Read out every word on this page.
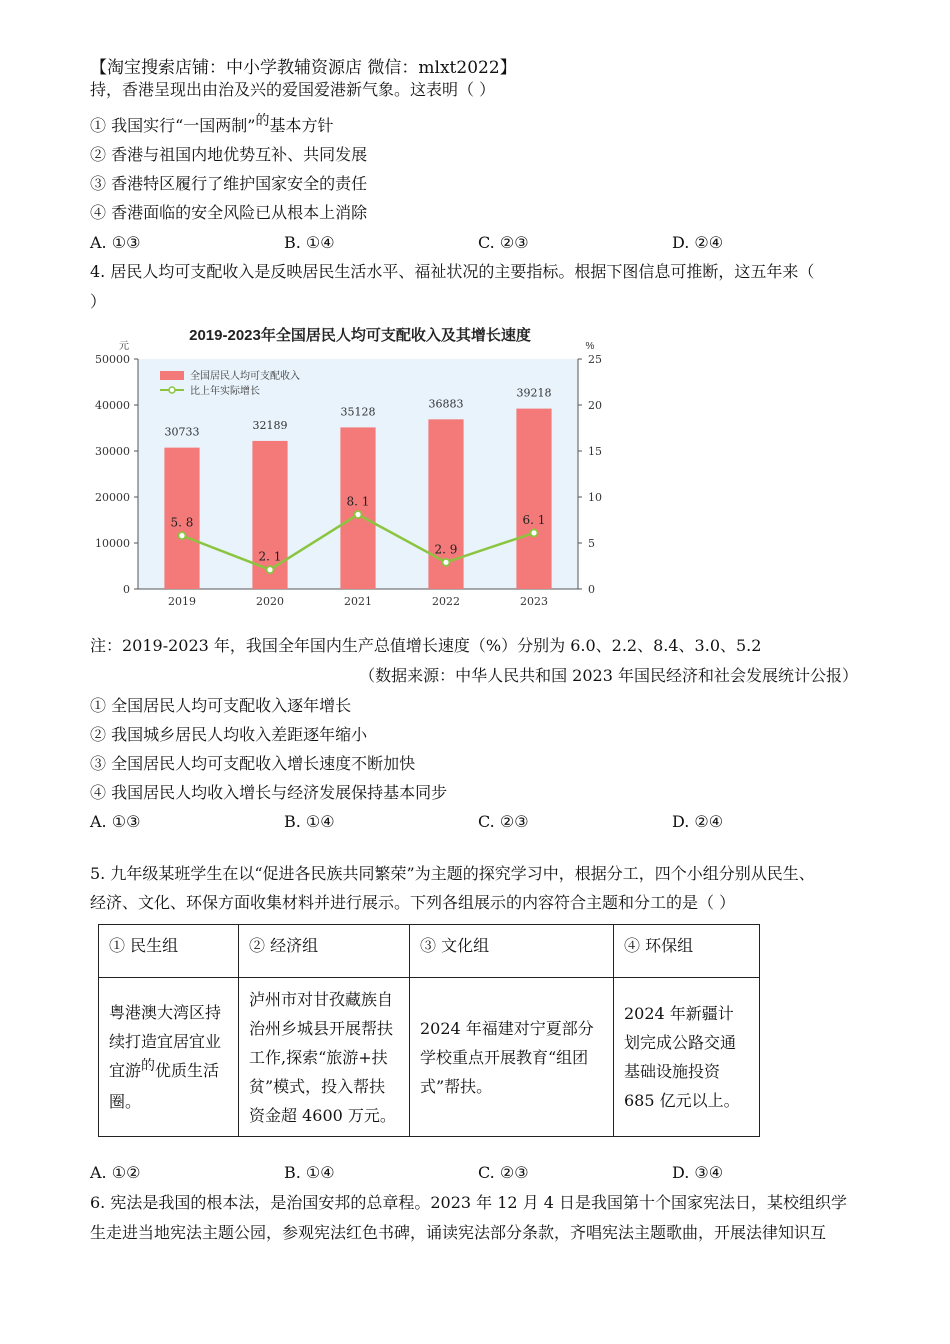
【淘宝搜索店铺：中小学教辅资源店 微信：mlxt2022】
持，香港呈现出由治及兴的爱国爱港新气象。这表明（ ）
① 我国实行“一国两制”的基本方针
② 香港与祖国内地优势互补、共同发展
③ 香港特区履行了维护国家安全的责任
④ 香港面临的安全风险已从根本上消除
A. ①③	B. ①④	C. ②③	D. ②④
4. 居民人均可支配收入是反映居民生活水平、福祉状况的主要指标。根据下图信息可推断，这五年来（
）
2019-2023年全国居民人均可支配收入及其增长速度
元	%
0
10000
20000
30000
40000
50000
0
5
10
15
20
25
30733
32189
35128
36883
39218
2019	2020	2021	2022	2023
5. 8
2. 1
8. 1
2. 9
6. 1
全国居民人均可支配收入
比上年实际增长
注：2019-2023 年，我国全年国内生产总值增长速度（%）分别为 6.0、2.2、8.4、3.0、5.2
（数据来源：中华人民共和国 2023 年国民经济和社会发展统计公报）
① 全国居民人均可支配收入逐年增长
② 我国城乡居民人均收入差距逐年缩小
③ 全国居民人均可支配收入增长速度不断加快
④ 我国居民人均收入增长与经济发展保持基本同步
A. ①③	B. ①④	C. ②③	D. ②④
5. 九年级某班学生在以“促进各民族共同繁荣”为主题的探究学习中，根据分工，四个小组分别从民生、
经济、文化、环保方面收集材料并进行展示。下列各组展示的内容符合主题和分工的是（ ）
① 民生组	② 经济组	③ 文化组	④ 环保组
粤港澳大湾区持续打造宜居宜业宜游的优质生活圈。	泸州市对甘孜藏族自治州乡城县开展帮扶工作,探索“旅游+扶贫”模式，投入帮扶资金超 4600 万元。	2024 年福建对宁夏部分学校重点开展教育“组团式”帮扶。	2024 年新疆计划完成公路交通基础设施投资 685 亿元以上。
A. ①②	B. ①④	C. ②③	D. ③④
6. 宪法是我国的根本法，是治国安邦的总章程。2023 年 12 月 4 日是我国第十个国家宪法日，某校组织学
生走进当地宪法主题公园，参观宪法红色书碑，诵读宪法部分条款，齐唱宪法主题歌曲，开展法律知识互
